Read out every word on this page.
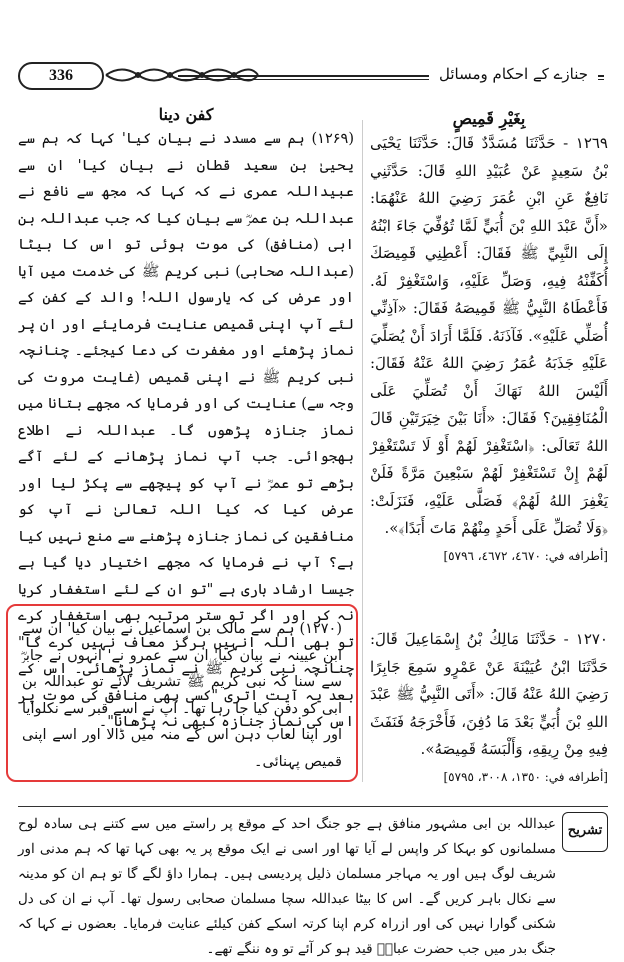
336	جنازے کے احکام ومسائل
کفن دینا

(۱۲۶۹) ہم سے مسدد نے بیان کیا' کہا کہ ہم سے یحییٰ بن سعید قطان نے بیان کیا' ان سے عبیداللہ عمری نے کہ کہا کہ مجھ سے نافع نے عبداللہ بن عمرؓ سے بیان کیا کہ جب عبداللہ بن ابی (منافق) کی موت ہوئی تو اس کا بیٹا (عبداللہ صحابی) نبی کریم ﷺ کی خدمت میں آیا اور عرض کی کہ یارسول اللہ! والد کے کفن کے لئے آپ اپنی قمیص عنایت فرمایئے اور ان پر نماز پڑھئے اور مغفرت کی دعا کیجئے۔ چنانچہ نبی کریم ﷺ نے اپنی قمیص (غایت مروت کی وجہ سے) عنایت کی اور فرمایا کہ مجھے بتانا میں نماز جنازہ پڑھوں گا۔ عبداللہ نے اطلاع بھجوائی۔ جب آپ نماز پڑھانے کے لئے آگے بڑھے تو عمرؓ نے آپ کو پیچھے سے پکڑ لیا اور عرض کیا کہ کیا اللہ تعالیٰ نے آپ کو منافقین کی نماز جنازہ پڑھنے سے منع نہیں کیا ہے؟ آپ نے فرمایا کہ مجھے اختیار دیا گیا ہے جیسا ارشاد باری ہے "تو ان کے لئے استغفار کریا نہ کر اور اگر تو ستر مرتبہ بھی استغفار کرے تو بھی اللہ انہیں ہرگز معاف نہیں کرے گا" چنانچہ نبی کریم ﷺ نے نماز پڑھائی۔ اس کے بعد یہ آیت اتری "کسی بھی منافق کی موت پر اس کی نماز جنازہ کبھی نہ پڑھانا"۔

بِغَيْرِ قَمِيصٍ

١٢٦٩ - حَدَّثَنَا مُسَدَّدٌ قَالَ: حَدَّثَنَا يَحْيَى بْنُ سَعِيدٍ عَنْ عُبَيْدِ اللهِ قَالَ: حَدَّثَنِي نَافِعٌ عَنِ ابْنِ عُمَرَ رَضِيَ اللهُ عَنْهُمَا: «أَنَّ عَبْدَ اللهِ بْنَ أُبَيٍّ لَمَّا تُوُفِّيَ جَاءَ ابْنُهُ إِلَى النَّبِيِّ ﷺ فَقَالَ: أَعْطِنِي قَمِيصَكَ أُكَفِّنْهُ فِيهِ، وَصَلِّ عَلَيْهِ، وَاسْتَغْفِرْ لَهُ. فَأَعْطَاهُ النَّبِيُّ ﷺ قَمِيصَهُ فَقَالَ: «آذِنِّي أُصَلِّي عَلَيْهِ». فَآذَنَهُ. فَلَمَّا أَرَادَ أَنْ يُصَلِّيَ عَلَيْهِ جَذَبَهُ عُمَرُ رَضِيَ اللهُ عَنْهُ فَقَالَ: أَلَيْسَ اللهُ نَهَاكَ أَنْ تُصَلِّيَ عَلَى الْمُنَافِقِينَ؟ فَقَالَ: «أَنَا بَيْنَ خِيَرَتَيْنِ قَالَ اللهُ تَعَالَى: ﴿اسْتَغْفِرْ لَهُمْ أَوْ لَا تَسْتَغْفِرْ لَهُمْ إِنْ تَسْتَغْفِرْ لَهُمْ سَبْعِينَ مَرَّةً فَلَنْ يَغْفِرَ اللهُ لَهُمْ﴾ فَصَلَّى عَلَيْهِ، فَنَزَلَتْ: ﴿وَلَا تُصَلِّ عَلَى أَحَدٍ مِنْهُمْ مَاتَ أَبَدًا﴾».

[أطرافه في: ٤٦٧٠، ٤٦٧٢، ٥٧٩٦]

١٢٧٠ - حَدَّثَنَا مَالِكُ بْنُ إِسْمَاعِيلَ قَالَ: حَدَّثَنَا ابْنُ عُيَيْنَةَ عَنْ عَمْرٍو سَمِعَ جَابِرًا رَضِيَ اللهُ عَنْهُ قَالَ: «أَتَى النَّبِيُّ ﷺ عَبْدَ اللهِ بْنَ أُبَيٍّ بَعْدَ مَا دُفِنَ، فَأَخْرَجَهُ فَنَفَثَ فِيهِ مِنْ رِيقِهِ، وَأَلْبَسَهُ قَمِيصَهُ».

[أطرافه في: ١٣٥٠، ٣٠٠٨، ٥٧٩٥]

(۱۲۷۰) ہم سے مالک بن اسماعیل نے بیان کیا' ان سے ابن عیینہ نے بیان کیا' ان سے عمرو نے' انہوں نے جابرؓ سے سنا کہ نبی کریم ﷺ تشریف لائے تو عبداللہ بن ابی کو دفن کیا جا رہا تھا۔ آپ نے اسے قبر سے نکلوایا اور اپنا لعاب دہن اس کے منہ میں ڈالا اور اسے اپنی قمیص پہنائی۔

تشریح

عبداللہ بن ابی مشہور منافق ہے جو جنگ احد کے موقع پر راستے میں سے کتنے ہی سادہ لوح مسلمانوں کو بہکا کر واپس لے آیا تھا اور اسی نے ایک موقع پر یہ بھی کہا تھا کہ ہم مدنی اور شریف لوگ ہیں اور یہ مہاجر مسلمان ذلیل پردیسی ہیں۔ ہمارا داؤ لگے گا تو ہم ان کو مدینہ سے نکال باہر کریں گے۔ اس کا بیٹا عبداللہ سچا مسلمان صحابی رسول تھا۔ آپ نے ان کی دل شکنی گوارا نہیں کی اور ازراہ کرم اپنا کرتہ اسکے کفن کیلئے عنایت فرمایا۔ بعضوں نے کہا کہ جنگ بدر میں جب حضرت عباسؓ قید ہو کر آئے تو وہ ننگے تھے۔
